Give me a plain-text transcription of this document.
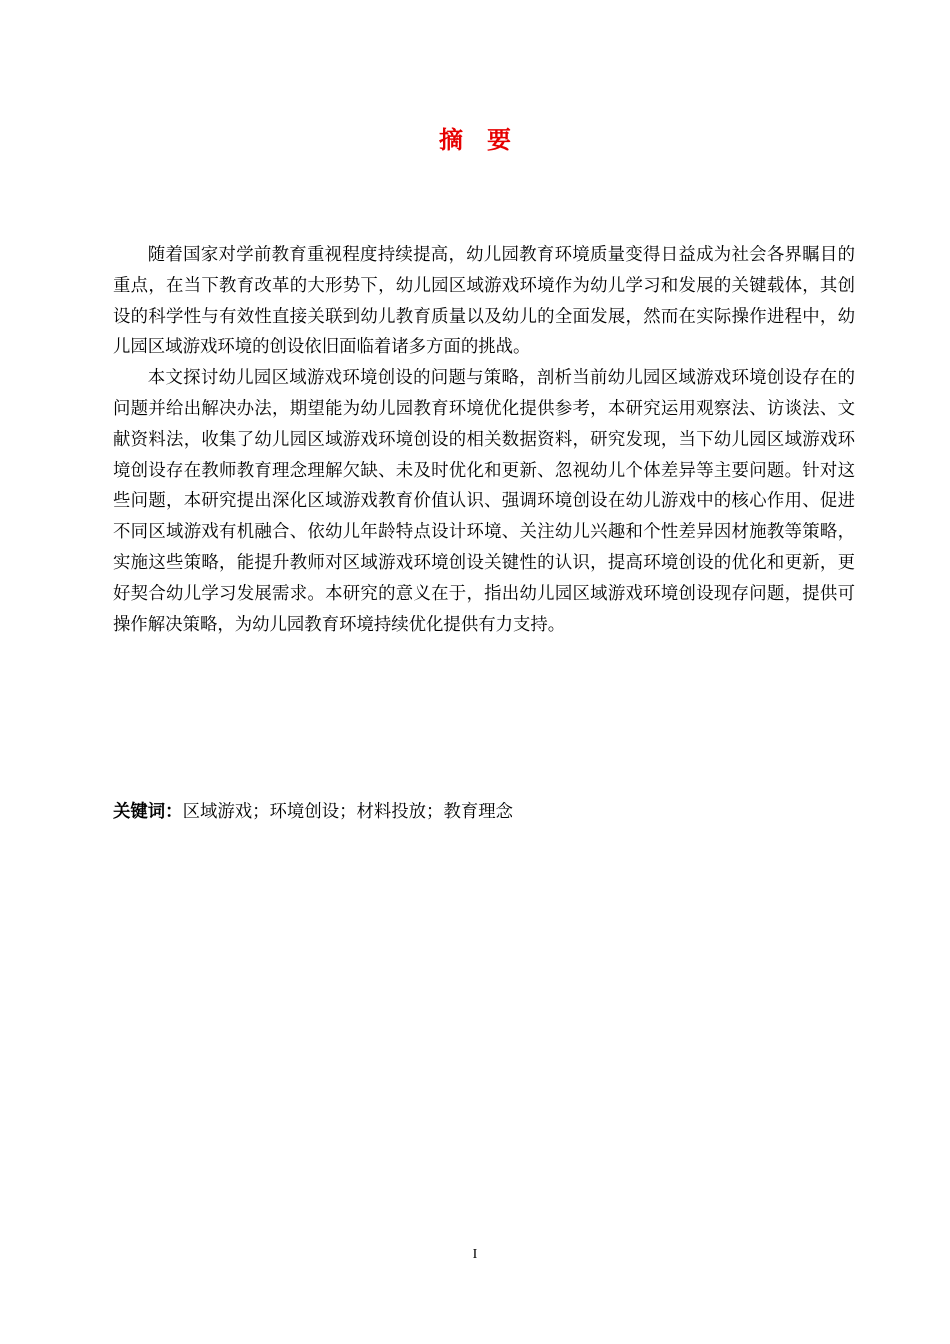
摘要

随着国家对学前教育重视程度持续提高，幼儿园教育环境质量变得日益成为社会各界瞩目的重点，在当下教育改革的大形势下，幼儿园区域游戏环境作为幼儿学习和发展的关键载体，其创设的科学性与有效性直接关联到幼儿教育质量以及幼儿的全面发展，然而在实际操作进程中，幼儿园区域游戏环境的创设依旧面临着诸多方面的挑战。

本文探讨幼儿园区域游戏环境创设的问题与策略，剖析当前幼儿园区域游戏环境创设存在的问题并给出解决办法，期望能为幼儿园教育环境优化提供参考，本研究运用观察法、访谈法、文献资料法，收集了幼儿园区域游戏环境创设的相关数据资料，研究发现，当下幼儿园区域游戏环境创设存在教师教育理念理解欠缺、未及时优化和更新、忽视幼儿个体差异等主要问题。针对这些问题，本研究提出深化区域游戏教育价值认识、强调环境创设在幼儿游戏中的核心作用、促进不同区域游戏有机融合、依幼儿年龄特点设计环境、关注幼儿兴趣和个性差异因材施教等策略，实施这些策略，能提升教师对区域游戏环境创设关键性的认识，提高环境创设的优化和更新，更好契合幼儿学习发展需求。本研究的意义在于，指出幼儿园区域游戏环境创设现存问题，提供可操作解决策略，为幼儿园教育环境持续优化提供有力支持。

关键词：区域游戏；环境创设；材料投放；教育理念
I
